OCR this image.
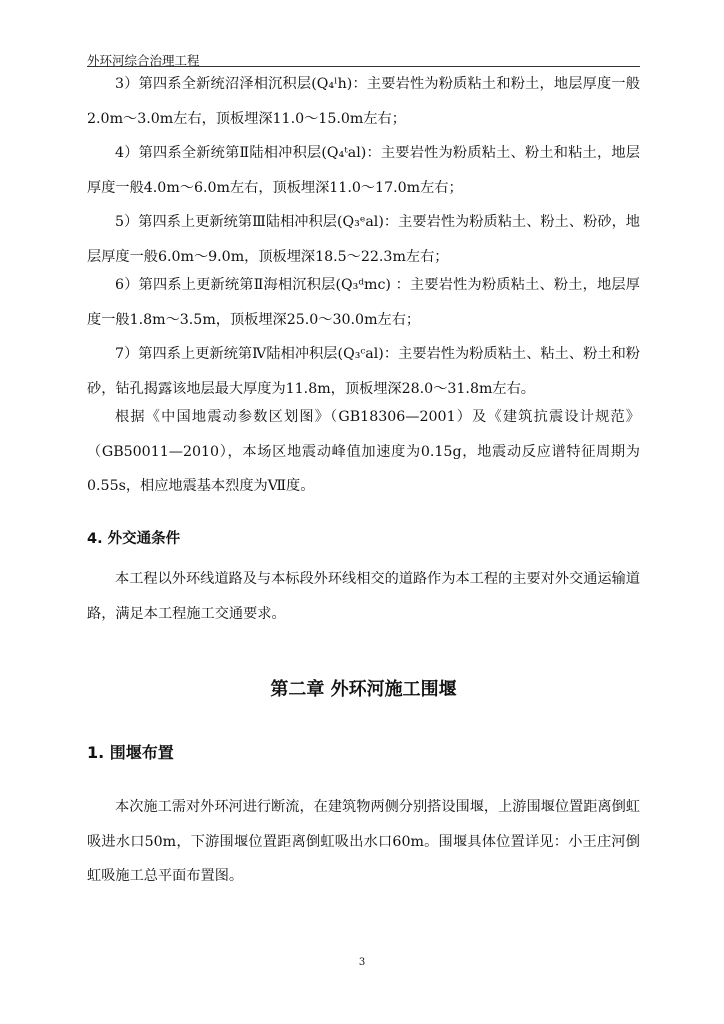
外环河综合治理工程
3）第四系全新统沼泽相沉积层(Q₄ˡh)：主要岩性为粉质粘土和粉土，地层厚度一般2.0m～3.0m左右，顶板埋深11.0～15.0m左右；
4）第四系全新统第Ⅱ陆相冲积层(Q₄ᵗal)：主要岩性为粉质粘土、粉土和粘土，地层厚度一般4.0m～6.0m左右，顶板埋深11.0～17.0m左右；
5）第四系上更新统第Ⅲ陆相冲积层(Q₃ᵉal)：主要岩性为粉质粘土、粉土、粉砂，地层厚度一般6.0m～9.0m，顶板埋深18.5～22.3m左右；
6）第四系上更新统第Ⅱ海相沉积层(Q₃ᵈmc) ：主要岩性为粉质粘土、粉土，地层厚度一般1.8m～3.5m，顶板埋深25.0～30.0m左右；
7）第四系上更新统第Ⅳ陆相冲积层(Q₃ᶜal)：主要岩性为粉质粘土、粘土、粉土和粉砂，钻孔揭露该地层最大厚度为11.8m，顶板埋深28.0～31.8m左右。
根据《中国地震动参数区划图》（GB18306—2001）及《建筑抗震设计规范》（GB50011—2010），本场区地震动峰值加速度为0.15g，地震动反应谱特征周期为0.55s，相应地震基本烈度为Ⅶ度。
4. 外交通条件
本工程以外环线道路及与本标段外环线相交的道路作为本工程的主要对外交通运输道路，满足本工程施工交通要求。
第二章 外环河施工围堰
1. 围堰布置
本次施工需对外环河进行断流，在建筑物两侧分别搭设围堰，上游围堰位置距离倒虹吸进水口50m，下游围堰位置距离倒虹吸出水口60m。围堰具体位置详见：小王庄河倒虹吸施工总平面布置图。
3
